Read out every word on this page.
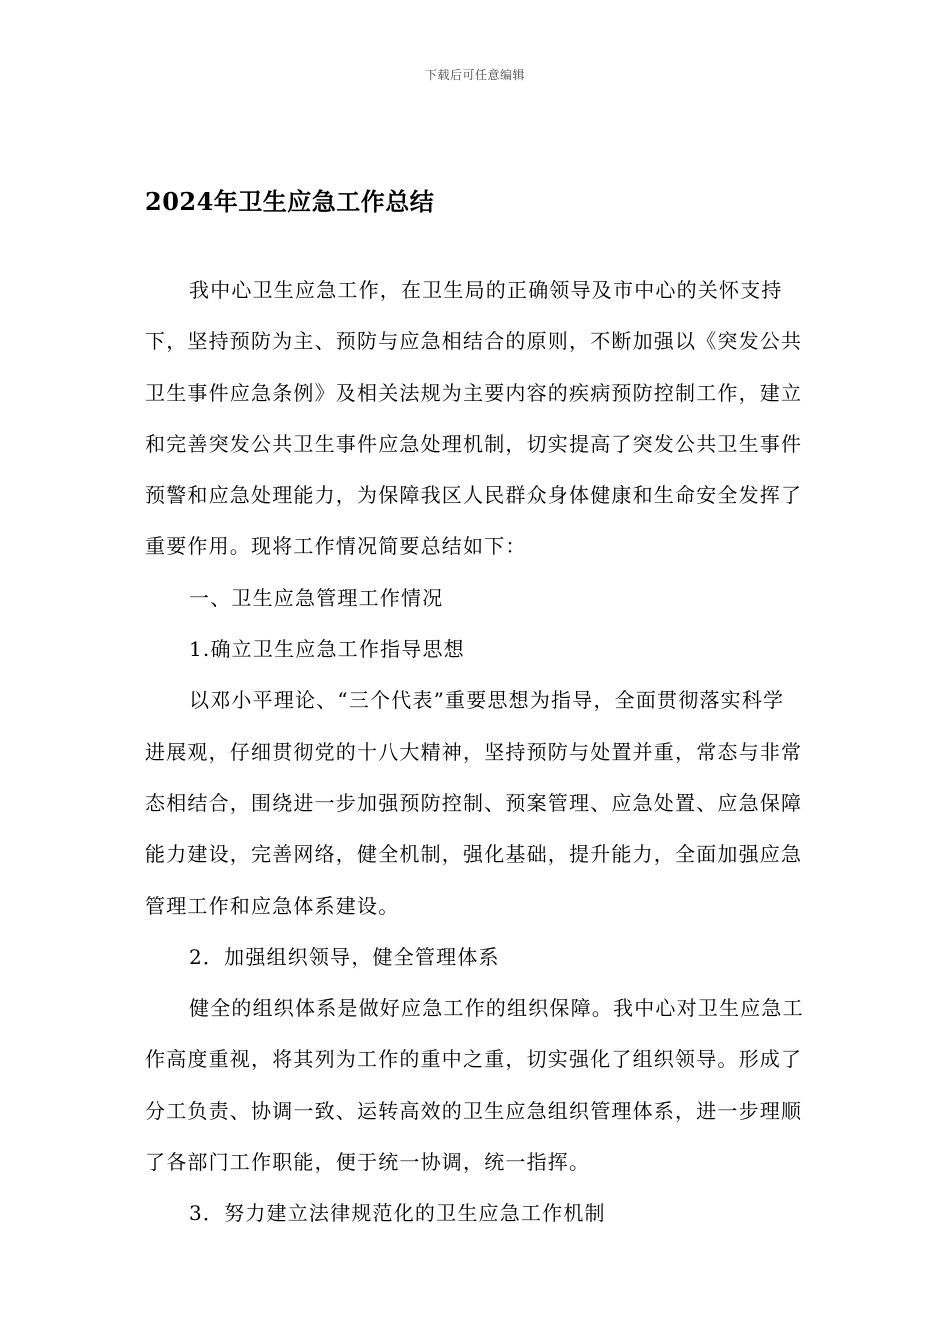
下载后可任意编辑
2024年卫生应急工作总结

我中心卫生应急工作，在卫生局的正确领导及市中心的关怀支持下，坚持预防为主、预防与应急相结合的原则，不断加强以《突发公共卫生事件应急条例》及相关法规为主要内容的疾病预防控制工作，建立和完善突发公共卫生事件应急处理机制，切实提高了突发公共卫生事件预警和应急处理能力，为保障我区人民群众身体健康和生命安全发挥了重要作用。现将工作情况简要总结如下：

一、卫生应急管理工作情况

1.确立卫生应急工作指导思想

以邓小平理论、“三个代表”重要思想为指导，全面贯彻落实科学进展观，仔细贯彻党的十八大精神，坚持预防与处置并重，常态与非常态相结合，围绕进一步加强预防控制、预案管理、应急处置、应急保障能力建设，完善网络，健全机制，强化基础，提升能力，全面加强应急管理工作和应急体系建设。

2．加强组织领导，健全管理体系

健全的组织体系是做好应急工作的组织保障。我中心对卫生应急工作高度重视，将其列为工作的重中之重，切实强化了组织领导。形成了分工负责、协调一致、运转高效的卫生应急组织管理体系，进一步理顺了各部门工作职能，便于统一协调，统一指挥。

3．努力建立法律规范化的卫生应急工作机制
